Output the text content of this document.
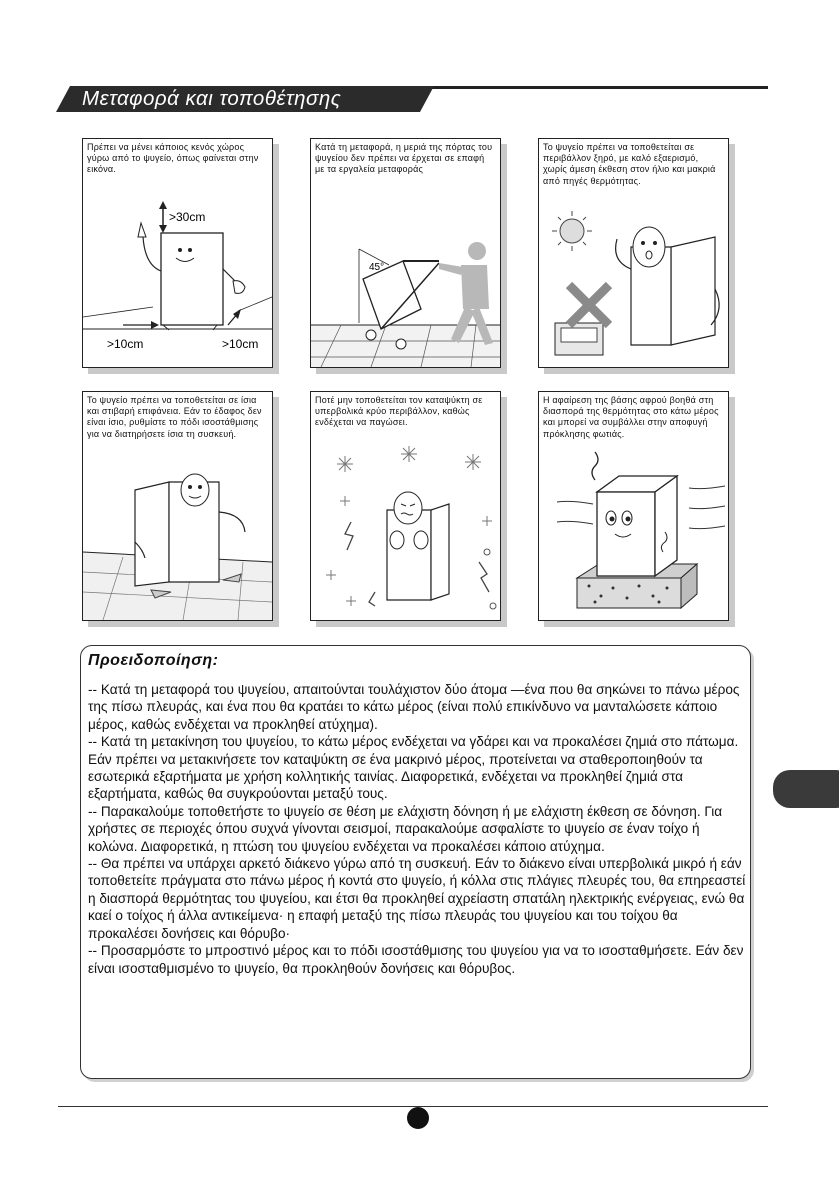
Μεταφορά και τοποθέτησης
Πρέπει να μένει κάποιος κενός χώρος γύρω από το ψυγείο, όπως φαίνεται στην εικόνα.
>30cm
>10cm	>10cm
Κατά τη μεταφορά, η μεριά της πόρτας του ψυγείου δεν πρέπει να έρχεται σε επαφή με τα εργαλεία μεταφοράς
45°
Το ψυγείο πρέπει να τοποθετείται σε περιβάλλον ξηρό, με καλό εξαερισμό, χωρίς άμεση έκθεση στον ήλιο και μακριά από πηγές θερμότητας.
Το ψυγείο πρέπει να τοποθετείται σε ίσια και στιβαρή επιφάνεια. Εάν το έδαφος δεν είναι ίσιο, ρυθμίστε το πόδι ισοστάθμισης για να διατηρήσετε ίσια τη συσκευή.
Ποτέ μην τοποθετείται τον καταψύκτη σε υπερβολικά κρύο περιβάλλον, καθώς ενδέχεται να παγώσει.
Η αφαίρεση της βάσης αφρού βοηθά στη διασπορά της θερμότητας στο κάτω μέρος και μπορεί να συμβάλλει στην αποφυγή πρόκλησης φωτιάς.
Προειδοποίηση:

-- Κατά τη μεταφορά του ψυγείου, απαιτούνται τουλάχιστον δύο άτομα —ένα που θα σηκώνει το πάνω μέρος της πίσω πλευράς, και ένα που θα κρατάει το κάτω μέρος (είναι πολύ επικίνδυνο να μανταλώσετε κάποιο μέρος, καθώς ενδέχεται να προκληθεί ατύχημα).

-- Κατά τη μετακίνηση του ψυγείου, το κάτω μέρος ενδέχεται να γδάρει και να προκαλέσει ζημιά στο πάτωμα. Εάν πρέπει να μετακινήσετε τον καταψύκτη σε ένα μακρινό μέρος, προτείνεται να σταθεροποιηθούν τα εσωτερικά εξαρτήματα με χρήση κολλητικής ταινίας. Διαφορετικά, ενδέχεται να προκληθεί ζημιά στα εξαρτήματα, καθώς θα συγκρούονται μεταξύ τους.

-- Παρακαλούμε τοποθετήστε το ψυγείο σε θέση με ελάχιστη δόνηση ή με ελάχιστη έκθεση σε δόνηση. Για χρήστες σε περιοχές όπου συχνά γίνονται σεισμοί, παρακαλούμε ασφαλίστε το ψυγείο σε έναν τοίχο ή κολώνα. Διαφορετικά, η πτώση του ψυγείου ενδέχεται να προκαλέσει κάποιο ατύχημα.

-- Θα πρέπει να υπάρχει αρκετό διάκενο γύρω από τη συσκευή. Εάν το διάκενο είναι υπερβολικά μικρό ή εάν τοποθετείτε πράγματα στο πάνω μέρος ή κοντά στο ψυγείο, ή κόλλα στις πλάγιες πλευρές του, θα επηρεαστεί η διασπορά θερμότητας του ψυγείου, και έτσι θα προκληθεί αχρείαστη σπατάλη ηλεκτρικής ενέργειας, ενώ θα καεί ο τοίχος ή άλλα αντικείμενα· η επαφή μεταξύ της πίσω πλευράς του ψυγείου και του τοίχου θα προκαλέσει δονήσεις και θόρυβο·

-- Προσαρμόστε το μπροστινό μέρος και το πόδι ισοστάθμισης του ψυγείου για να το ισοσταθμήσετε. Εάν δεν είναι ισοσταθμισμένο το ψυγείο, θα προκληθούν δονήσεις και θόρυβος.
